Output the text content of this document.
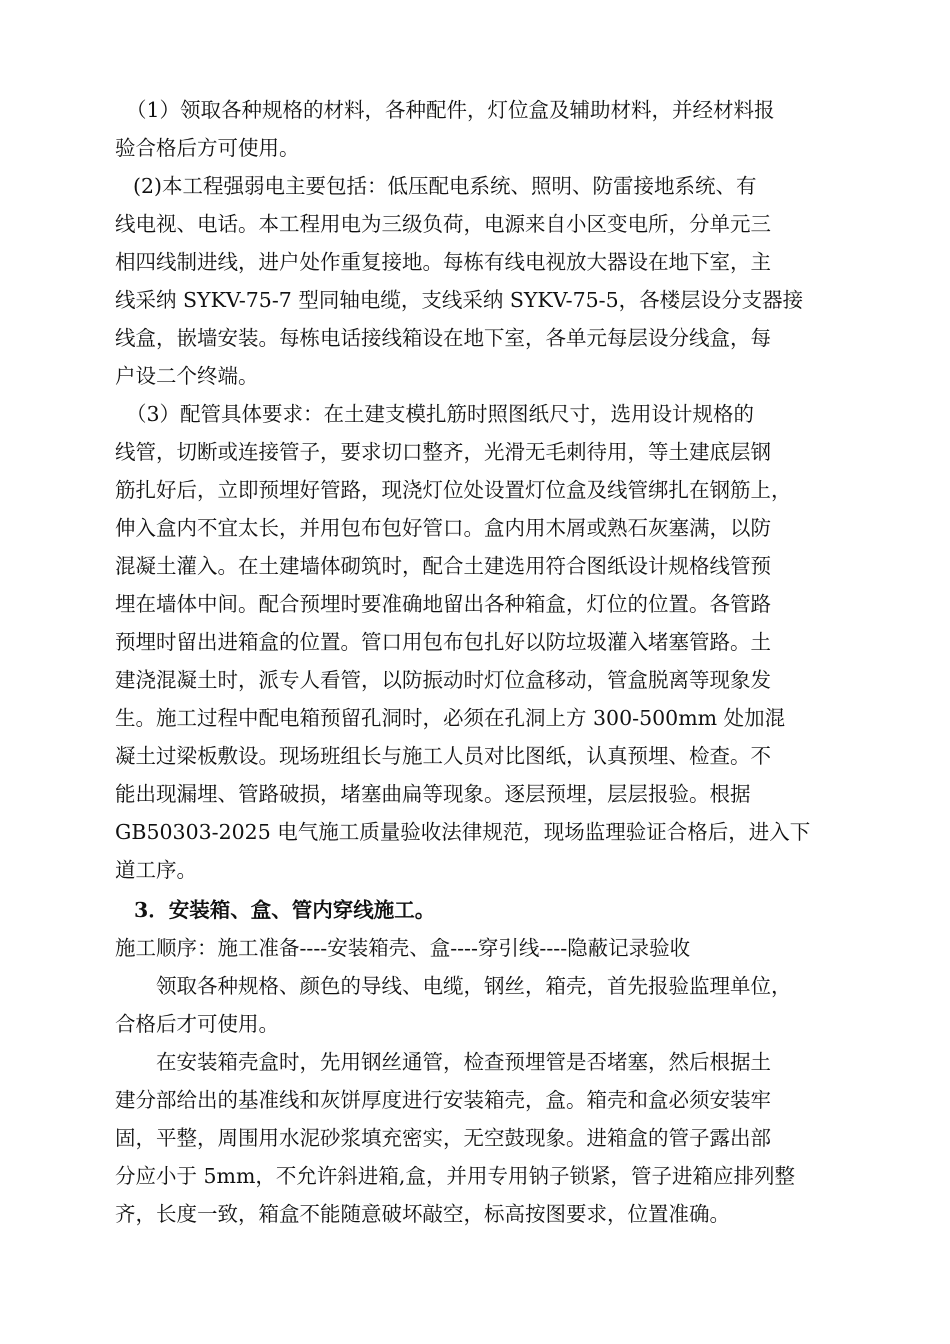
（1）领取各种规格的材料，各种配件，灯位盒及辅助材料，并经材料报

验合格后方可使用。

(2)本工程强弱电主要包括：低压配电系统、照明、防雷接地系统、有

线电视、电话。本工程用电为三级负荷，电源来自小区变电所，分单元三

相四线制进线，进户处作重复接地。每栋有线电视放大器设在地下室，主

线采纳 SYKV-75-7 型同轴电缆，支线采纳 SYKV-75-5，各楼层设分支器接

线盒，嵌墙安装。每栋电话接线箱设在地下室，各单元每层设分线盒，每

户设二个终端。

（3）配管具体要求：在土建支模扎筋时照图纸尺寸，选用设计规格的

线管，切断或连接管子，要求切口整齐，光滑无毛刺待用，等土建底层钢

筋扎好后，立即预埋好管路，现浇灯位处设置灯位盒及线管绑扎在钢筋上，

伸入盒内不宜太长，并用包布包好管口。盒内用木屑或熟石灰塞满，以防

混凝土灌入。在土建墙体砌筑时，配合土建选用符合图纸设计规格线管预

埋在墙体中间。配合预埋时要准确地留出各种箱盒，灯位的位置。各管路

预埋时留出进箱盒的位置。管口用包布包扎好以防垃圾灌入堵塞管路。土

建浇混凝土时，派专人看管，以防振动时灯位盒移动，管盒脱离等现象发

生。施工过程中配电箱预留孔洞时，必须在孔洞上方 300-500mm 处加混

凝土过梁板敷设。现场班组长与施工人员对比图纸，认真预埋、检查。不

能出现漏埋、管路破损，堵塞曲扁等现象。逐层预埋，层层报验。根据

GB50303-2025 电气施工质量验收法律规范，现场监理验证合格后，进入下

道工序。

3．安装箱、盒、管内穿线施工。

施工顺序：施工准备----安装箱壳、盒----穿引线----隐蔽记录验收

领取各种规格、颜色的导线、电缆，钢丝，箱壳，首先报验监理单位，

合格后才可使用。

在安装箱壳盒时，先用钢丝通管，检查预埋管是否堵塞，然后根据土

建分部给出的基准线和灰饼厚度进行安装箱壳，盒。箱壳和盒必须安装牢

固，平整，周围用水泥砂浆填充密实，无空鼓现象。进箱盒的管子露出部

分应小于 5mm，不允许斜进箱,盒，并用专用钠子锁紧，管子进箱应排列整

齐，长度一致，箱盒不能随意破坏敲空，标高按图要求，位置准确。
